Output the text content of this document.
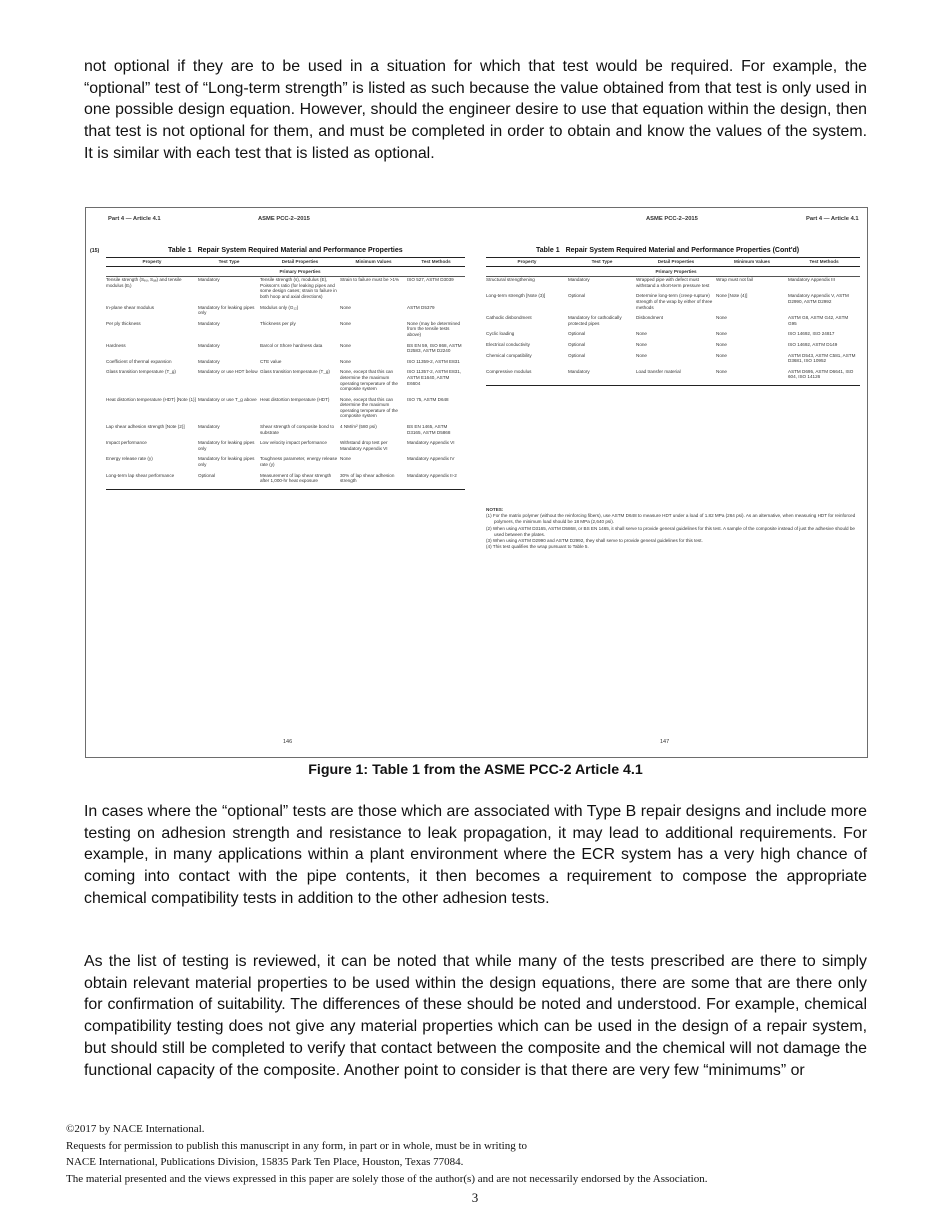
not optional if they are to be used in a situation for which that test would be required. For example, the “optional” test of “Long-term strength” is listed as such because the value obtained from that test is only used in one possible design equation. However, should the engineer desire to use that equation within the design, then that test is not optional for them, and must be completed in order to obtain and know the values of the system. It is similar with each test that is listed as optional.

Part 4 — Article 4.1	ASME PCC-2–2015
(15)	Table 1 Repair System Required Material and Performance Properties
Property	Test Type	Detail Properties	Minimum Values	Test Methods
		Primary Properties		
Tensile strength (Sₑᵤ, Sₐₑ) and tensile modulus (Eᵢ)	Mandatory	Tensile strength (s), modulus (E), Poisson's ratio (for leaking pipes and some design cases; strain to failure in both hoop and axial directions)	Strain to failure must be >1%	ISO 527, ASTM D3039
In-plane shear modulus	Mandatory for leaking pipes only	Modulus only (G₁₂)	None	ASTM D5379
Per ply thickness	Mandatory	Thickness per ply	None	None (may be determined from the tensile tests above)
Hardness	Mandatory	Barcol or Shore hardness data	None	BS EN 59, ISO 868, ASTM D2583, ASTM D2240
Coefficient of thermal expansion	Mandatory	CTE value	None	ISO 11359-2, ASTM E831
Glass transition temperature (T_g)	Mandatory or use HDT below	Glass transition temperature (T_g)	None, except that this can determine the maximum operating temperature of the composite system	ISO 11357-2, ASTM E831, ASTM E1640, ASTM E6604
Heat distortion temperature (HDT) [Note (1)]	Mandatory or use T_g above	Heat distortion temperature (HDT)	None, except that this can determine the maximum operating temperature of the composite system	ISO 75, ASTM D648
Lap shear adhesion strength [Note (2)]	Mandatory	Shear strength of composite bond to substrate	4 NM/m² (580 psi)	BS EN 1465, ASTM D3165, ASTM D5868
Impact performance	Mandatory for leaking pipes only	Low velocity impact performance	Withstand drop test per Mandatory Appendix VI	Mandatory Appendix VI
Energy release rate (γ)	Mandatory for leaking pipes only	Toughness parameter, energy release rate (γ)	None	Mandatory Appendix IV
Long-term lap shear performance	Optional	Measurement of lap shear strength after 1,000-hr heat exposure	30% of lap shear adhesion strength	Mandatory Appendix II-2

146
ASME PCC-2–2015	Part 4 — Article 4.1
Table 1 Repair System Required Material and Performance Properties (Cont'd)
Property	Test Type	Detail Properties	Minimum Values	Test Methods
		Primary Properties		
Structural strengthening	Mandatory	Wrapped pipe with defect must withstand a short-term pressure test	Wrap must not fail	Mandatory Appendix III
Long-term strength [Note (3)]	Optional	Determine long-term (creep-rupture) strength of the wrap by either of three methods	None [Note (4)]	Mandatory Appendix V, ASTM D2990, ASTM D2992
Cathodic disbondment	Mandatory for cathodically protected pipes	Disbondment	None	ASTM G8, ASTM G42, ASTM G95
Cyclic loading	Optional	None	None	ISO 14692, ISO 24817
Electrical conductivity	Optional	None	None	ISO 14692, ASTM D149
Chemical compatibility	Optional	None	None	ASTM D543, ASTM C581, ASTM D3681, ISO 10952
Compressive modulus	Mandatory	Load transfer material	None	ASTM D695, ASTM D6641, ISO 604, ISO 14126

NOTES:
(1) For the matrix polymer (without the reinforcing fibers), use ASTM D648 to measure HDT under a load of 1.82 MPa (264 psi). As an alternative, when measuring HDT for reinforced polymers, the minimum load should be 18 MPa (2,640 psi).
(2) When using ASTM D3165, ASTM D5868, or BS EN 1465, it shall serve to provide general guidelines for this test. A sample of the composite instead of just the adhesive should be used between the plates.
(3) When using ASTM D2990 and ASTM D2992, they shall serve to provide general guidelines for this test.
(4) This test qualifies the wrap pursuant to Table 5.
147
Figure 1: Table 1 from the ASME PCC-2 Article 4.1

In cases where the “optional” tests are those which are associated with Type B repair designs and include more testing on adhesion strength and resistance to leak propagation, it may lead to additional requirements. For example, in many applications within a plant environment where the ECR system has a very high chance of coming into contact with the pipe contents, it then becomes a requirement to compose the appropriate chemical compatibility tests in addition to the other adhesion tests.

As the list of testing is reviewed, it can be noted that while many of the tests prescribed are there to simply obtain relevant material properties to be used within the design equations, there are some that are there only for confirmation of suitability. The differences of these should be noted and understood. For example, chemical compatibility testing does not give any material properties which can be used in the design of a repair system, but should still be completed to verify that contact between the composite and the chemical will not damage the functional capacity of the composite. Another point to consider is that there are very few “minimums” or

©2017 by NACE International.
Requests for permission to publish this manuscript in any form, in part or in whole, must be in writing to
NACE International, Publications Division, 15835 Park Ten Place, Houston, Texas 77084.
The material presented and the views expressed in this paper are solely those of the author(s) and are not necessarily endorsed by the Association.
3
